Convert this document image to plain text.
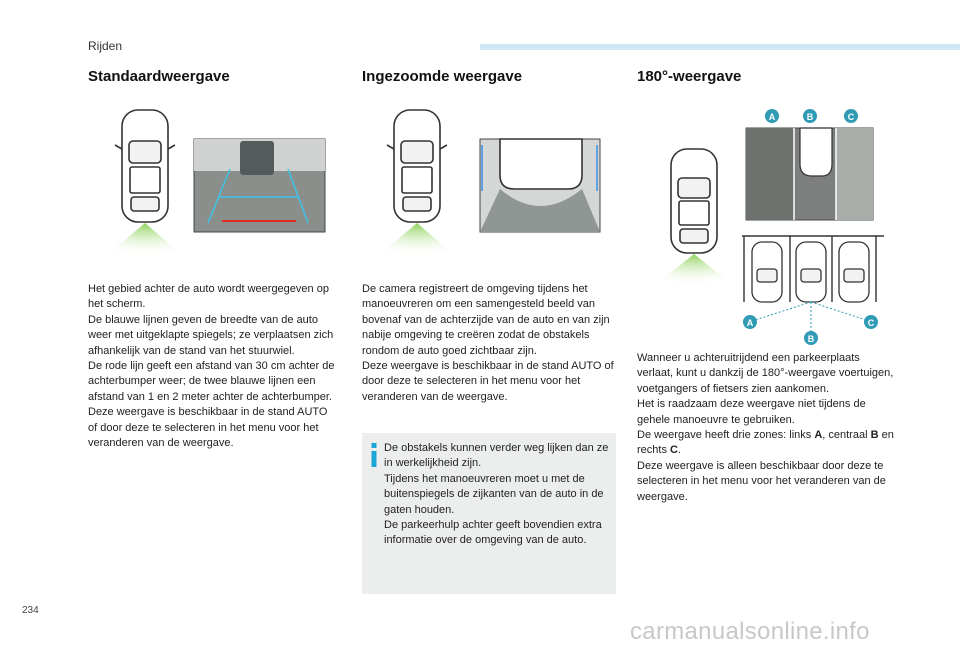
Rijden
Standaardweergave	Ingezoomde weergave	180°-weergave
A	B	C
A
B
C

Het gebied achter de auto wordt weergegeven op het scherm.

De blauwe lijnen geven de breedte van de auto weer met uitgeklapte spiegels; ze verplaatsen zich afhankelijk van de stand van het stuurwiel.

De rode lijn geeft een afstand van 30 cm achter de achterbumper weer; de twee blauwe lijnen een afstand van 1 en 2 meter achter de achterbumper.

Deze weergave is beschikbaar in de stand AUTO of door deze te selecteren in het menu voor het veranderen van de weergave.

De camera registreert de omgeving tijdens het manoeuvreren om een samengesteld beeld van bovenaf van de achterzijde van de auto en van zijn nabije omgeving te creëren zodat de obstakels rondom de auto goed zichtbaar zijn.

Deze weergave is beschikbaar in de stand AUTO of door deze te selecteren in het menu voor het veranderen van de weergave.

De obstakels kunnen verder weg lijken dan ze in werkelijkheid zijn.

Tijdens het manoeuvreren moet u met de buitenspiegels de zijkanten van de auto in de gaten houden.

De parkeerhulp achter geeft bovendien extra informatie over de omgeving van de auto.

Wanneer u achteruitrijdend een parkeerplaats verlaat, kunt u dankzij de 180°-weergave voertuigen, voetgangers of fietsers zien aankomen.

Het is raadzaam deze weergave niet tijdens de gehele manoeuvre te gebruiken.

De weergave heeft drie zones: links A, centraal B en rechts C.

Deze weergave is alleen beschikbaar door deze te selecteren in het menu voor het veranderen van de weergave.

234
carmanualsonline.info
